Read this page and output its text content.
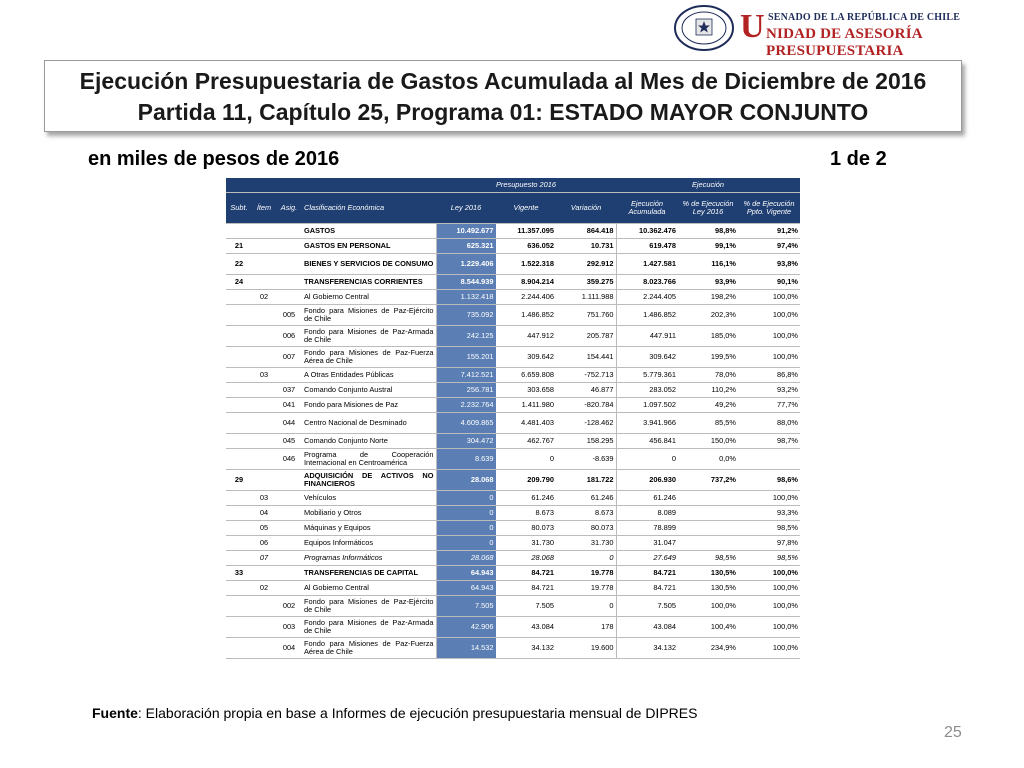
U SENADO DE LA REPÚBLICA DE CHILE
NIDAD DE ASESORÍA PRESUPUESTARIA
Ejecución Presupuestaria de Gastos Acumulada al Mes de Diciembre de 2016
Partida 11, Capítulo 25, Programa 01: ESTADO MAYOR CONJUNTO
en miles de pesos de 2016	1 de 2
				Presupuesto 2016			Ejecución		
Subt.	Ítem	Asig.	Clasificación Económica	Ley 2016	Vigente	Variación	Ejecución Acumulada	% de Ejecución Ley 2016	% de Ejecución Ppto. Vigente
			GASTOS	10.492.677	11.357.095	864.418	10.362.476	98,8%	91,2%
21			GASTOS EN PERSONAL	625.321	636.052	10.731	619.478	99,1%	97,4%
22			BIENES Y SERVICIOS DE CONSUMO	1.229.406	1.522.318	292.912	1.427.581	116,1%	93,8%
24			TRANSFERENCIAS CORRIENTES	8.544.939	8.904.214	359.275	8.023.766	93,9%	90,1%
	02		Al Gobierno Central	1.132.418	2.244.406	1.111.988	2.244.405	198,2%	100,0%
		005	Fondo para Misiones de Paz-Ejército de Chile	735.092	1.486.852	751.760	1.486.852	202,3%	100,0%
		006	Fondo para Misiones de Paz-Armada de Chile	242.125	447.912	205.787	447.911	185,0%	100,0%
		007	Fondo para Misiones de Paz-Fuerza Aérea de Chile	155.201	309.642	154.441	309.642	199,5%	100,0%
	03		A Otras Entidades Públicas	7.412.521	6.659.808	-752.713	5.779.361	78,0%	86,8%
		037	Comando Conjunto Austral	256.781	303.658	46.877	283.052	110,2%	93,2%
		041	Fondo para Misiones de Paz	2.232.764	1.411.980	-820.784	1.097.502	49,2%	77,7%
		044	Centro Nacional de Desminado	4.609.865	4.481.403	-128.462	3.941.966	85,5%	88,0%
		045	Comando Conjunto Norte	304.472	462.767	158.295	456.841	150,0%	98,7%
		046	Programa de Cooperación Internacional en Centroamérica	8.639	0	-8.639	0	0,0%	
29			ADQUISICIÓN DE ACTIVOS NO FINANCIEROS	28.068	209.790	181.722	206.930	737,2%	98,6%
	03		Vehículos	0	61.246	61.246	61.246		100,0%
	04		Mobiliario y Otros	0	8.673	8.673	8.089		93,3%
	05		Máquinas y Equipos	0	80.073	80.073	78.899		98,5%
	06		Equipos Informáticos	0	31.730	31.730	31.047		97,8%
	07		Programas Informáticos	28.068	28.068	0	27.649	98,5%	98,5%
33			TRANSFERENCIAS DE CAPITAL	64.943	84.721	19.778	84.721	130,5%	100,0%
	02		Al Gobierno Central	64.943	84.721	19.778	84.721	130,5%	100,0%
		002	Fondo para Misiones de Paz-Ejército de Chile	7.505	7.505	0	7.505	100,0%	100,0%
		003	Fondo para Misiones de Paz-Armada de Chile	42.906	43.084	178	43.084	100,4%	100,0%
		004	Fondo para Misiones de Paz-Fuerza Aérea de Chile	14.532	34.132	19.600	34.132	234,9%	100,0%
Fuente: Elaboración propia en base a Informes de ejecución presupuestaria mensual de DIPRES
25
